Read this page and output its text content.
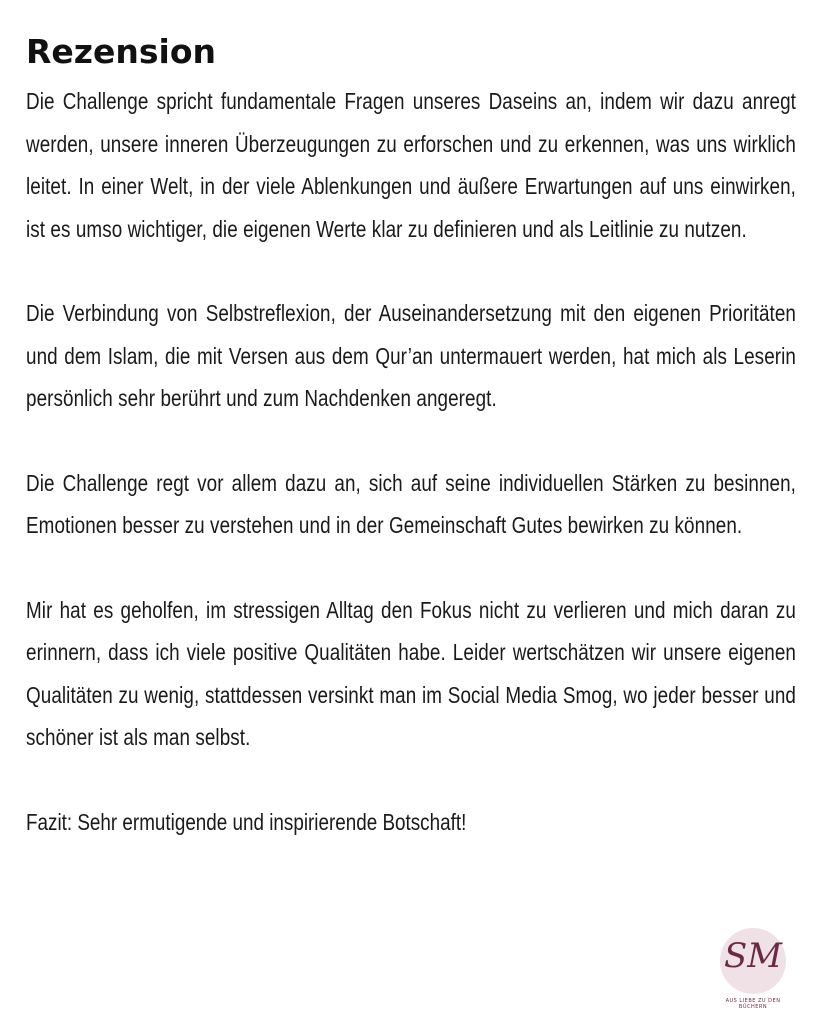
Rezension

Die Challenge spricht fundamentale Fragen unseres Daseins an, indem wir dazu anregt werden, unsere inneren Überzeugungen zu erforschen und zu erkennen, was uns wirklich leitet. In einer Welt, in der viele Ablenkungen und äußere Erwartungen auf uns einwirken, ist es umso wichtiger, die eigenen Werte klar zu definieren und als Leitlinie zu nutzen.

Die Verbindung von Selbstreflexion, der Auseinandersetzung mit den eigenen Prioritäten und dem Islam, die mit Versen aus dem Qur’an untermauert werden, hat mich als Leserin persönlich sehr berührt und zum Nachdenken angeregt.

Die Challenge regt vor allem dazu an, sich auf seine individuellen Stärken zu besinnen, Emotionen besser zu verstehen und in der Gemeinschaft Gutes bewirken zu können.

Mir hat es geholfen, im stressigen Alltag den Fokus nicht zu verlieren und mich daran zu erinnern, dass ich viele positive Qualitäten habe. Leider wertschätzen wir unsere eigenen Qualitäten zu wenig, stattdessen versinkt man im Social Media Smog, wo jeder besser und schöner ist als man selbst.

Fazit: Sehr ermutigende und inspirierende Botschaft!

SM
AUS LIEBE ZU DEN BÜCHERN
